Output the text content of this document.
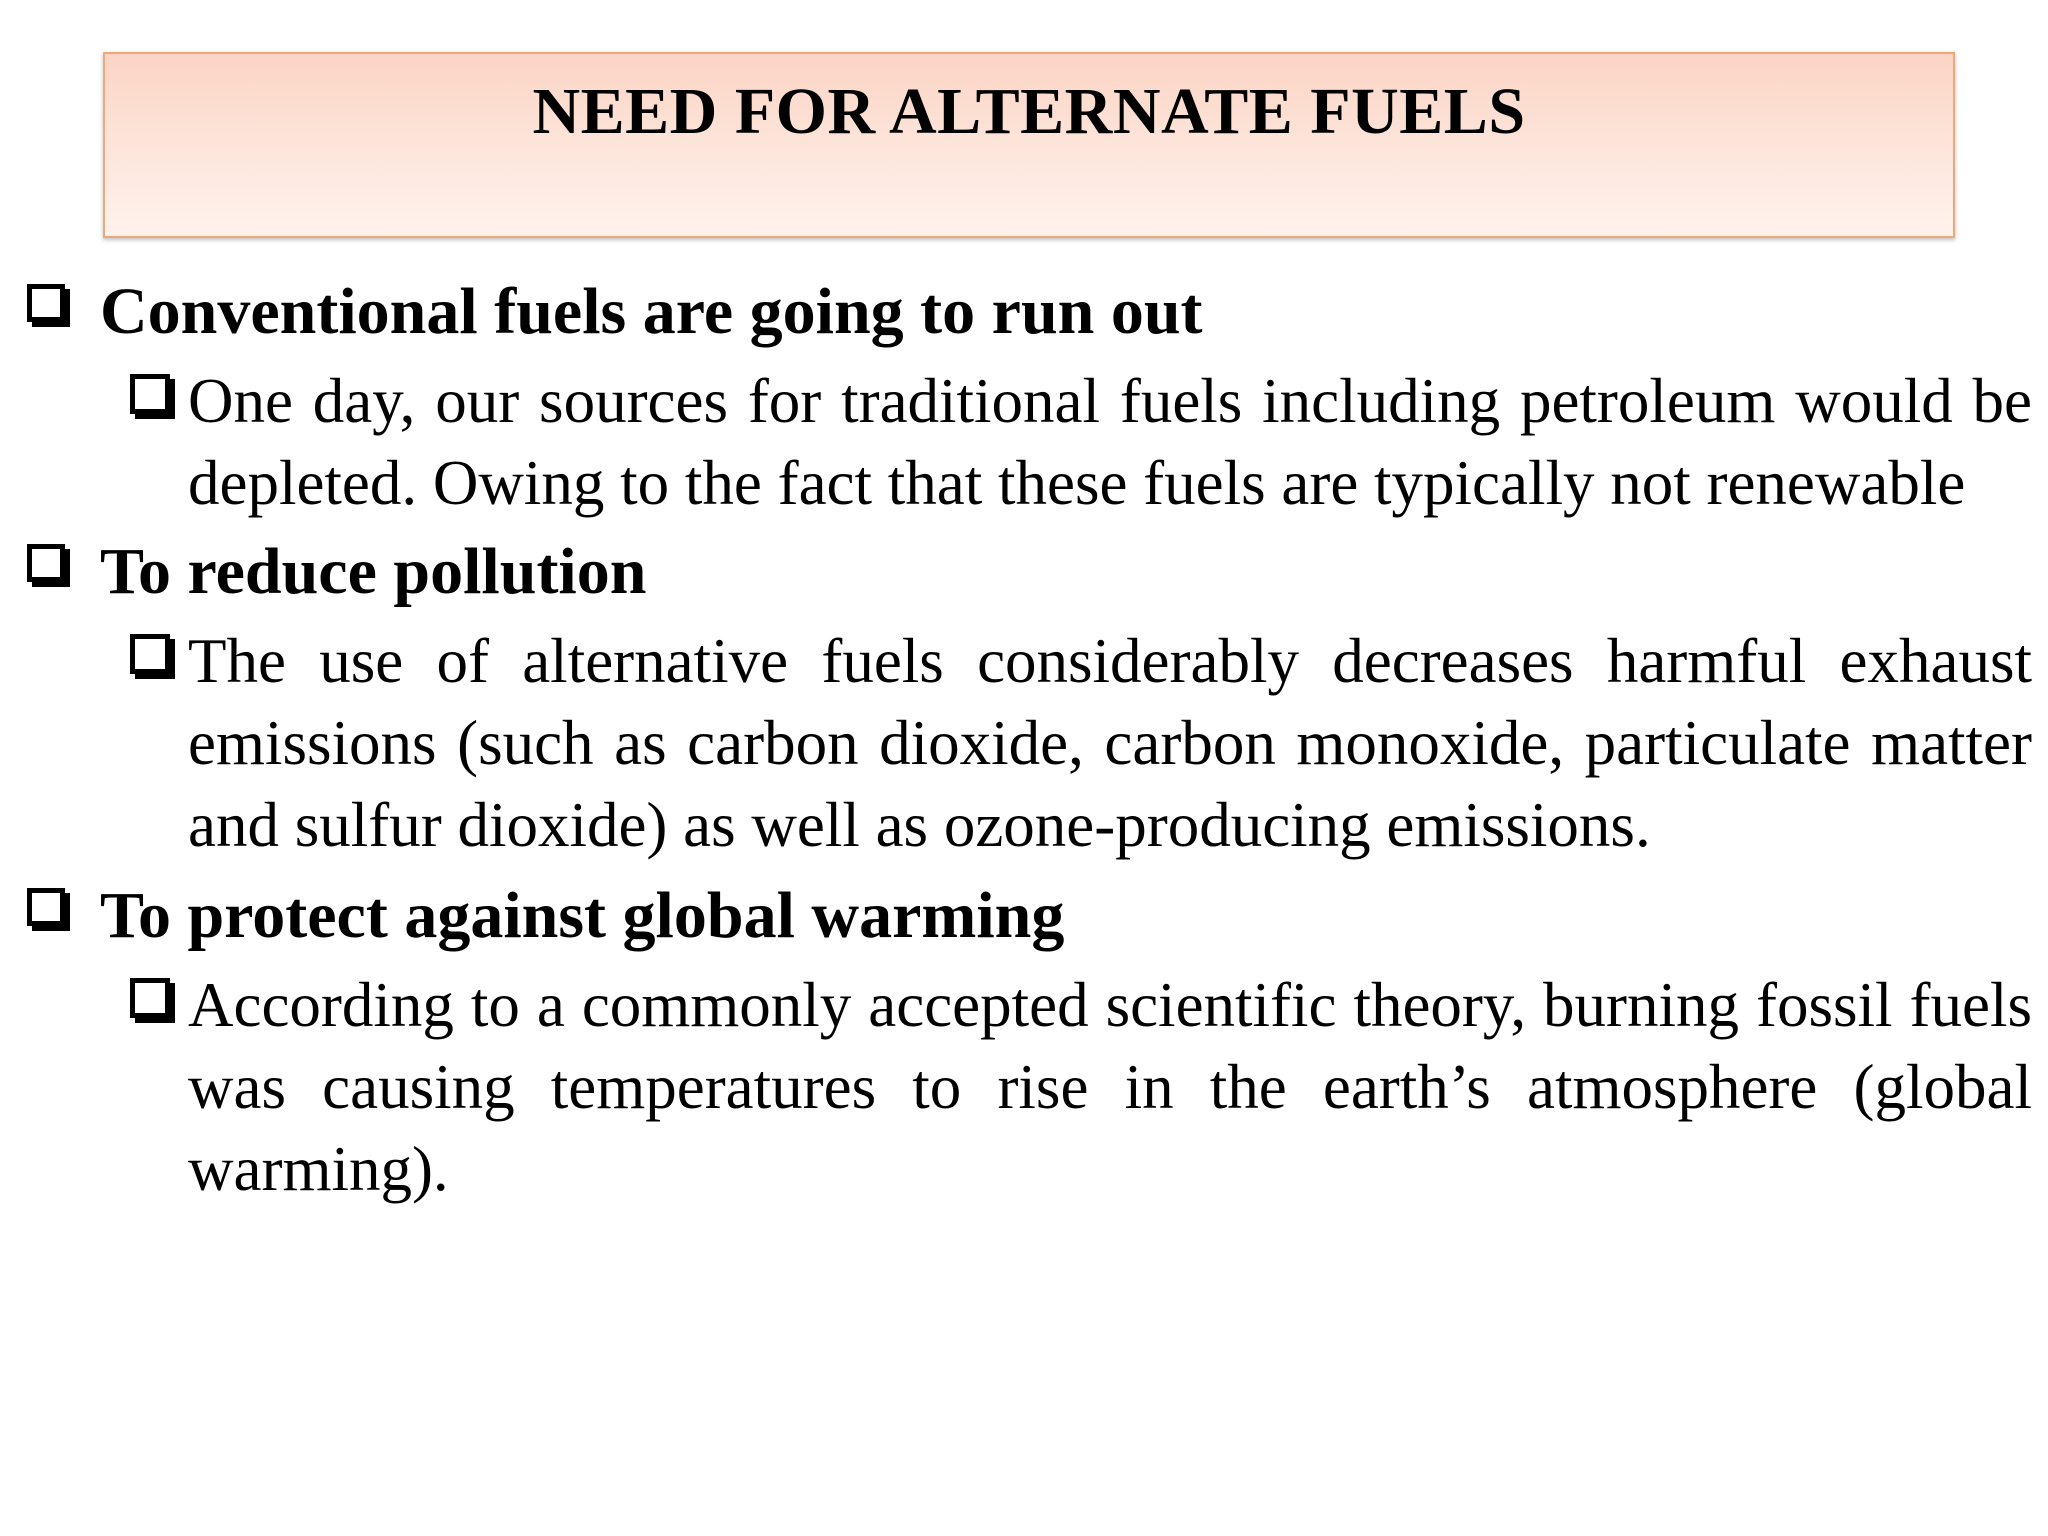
NEED FOR ALTERNATE FUELS
Conventional fuels are going to run out
One day, our sources for traditional fuels including petroleum would be depleted. Owing to the fact that these fuels are typically not renewable
To reduce pollution
The use of alternative fuels considerably decreases harmful exhaust emissions (such as carbon dioxide, carbon monoxide, particulate matter and sulfur dioxide) as well as ozone-producing emissions.
To protect against global warming
According to a commonly accepted scientific theory, burning fossil fuels was causing temperatures to rise in the earth’s atmosphere (global warming).
